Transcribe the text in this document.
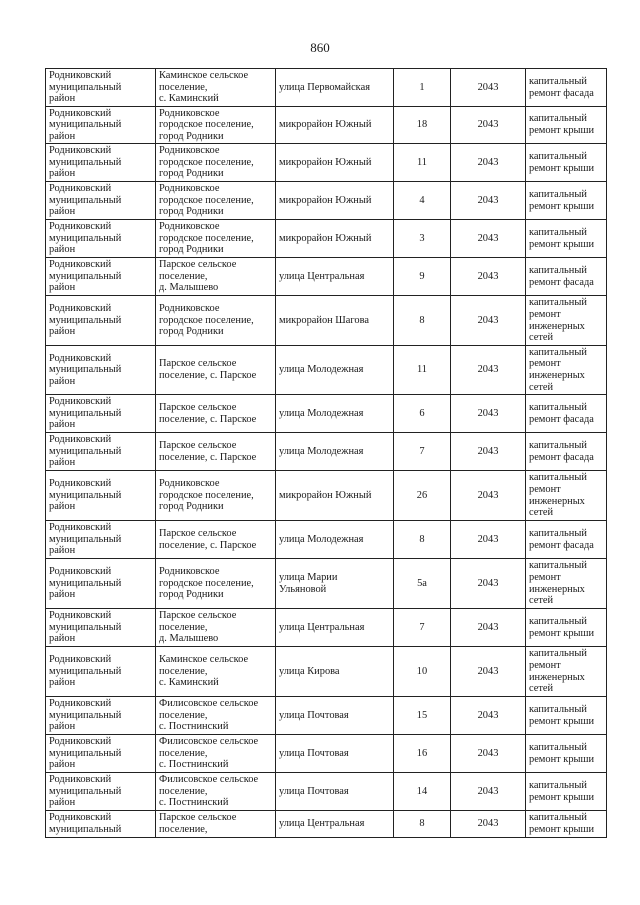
860
Родниковский
муниципальный
район	Каминское сельское
поселение,
с. Каминский	улица Первомайская	1	2043	капитальный
ремонт фасада
Родниковский
муниципальный
район	Родниковское
городское поселение,
город Родники	микрорайон Южный	18	2043	капитальный
ремонт крыши
Родниковский
муниципальный
район	Родниковское
городское поселение,
город Родники	микрорайон Южный	11	2043	капитальный
ремонт крыши
Родниковский
муниципальный
район	Родниковское
городское поселение,
город Родники	микрорайон Южный	4	2043	капитальный
ремонт крыши
Родниковский
муниципальный
район	Родниковское
городское поселение,
город Родники	микрорайон Южный	3	2043	капитальный
ремонт крыши
Родниковский
муниципальный
район	Парское сельское
поселение,
д. Малышево	улица Центральная	9	2043	капитальный
ремонт фасада
Родниковский
муниципальный
район	Родниковское
городское поселение,
город Родники	микрорайон Шагова	8	2043	капитальный
ремонт
инженерных
сетей
Родниковский
муниципальный
район	Парское сельское
поселение, с. Парское	улица Молодежная	11	2043	капитальный
ремонт
инженерных
сетей
Родниковский
муниципальный
район	Парское сельское
поселение, с. Парское	улица Молодежная	6	2043	капитальный
ремонт фасада
Родниковский
муниципальный
район	Парское сельское
поселение, с. Парское	улица Молодежная	7	2043	капитальный
ремонт фасада
Родниковский
муниципальный
район	Родниковское
городское поселение,
город Родники	микрорайон Южный	26	2043	капитальный
ремонт
инженерных
сетей
Родниковский
муниципальный
район	Парское сельское
поселение, с. Парское	улица Молодежная	8	2043	капитальный
ремонт фасада
Родниковский
муниципальный
район	Родниковское
городское поселение,
город Родники	улица Марии
Ульяновой	5а	2043	капитальный
ремонт
инженерных
сетей
Родниковский
муниципальный
район	Парское сельское
поселение,
д. Малышево	улица Центральная	7	2043	капитальный
ремонт крыши
Родниковский
муниципальный
район	Каминское сельское
поселение,
с. Каминский	улица Кирова	10	2043	капитальный
ремонт
инженерных
сетей
Родниковский
муниципальный
район	Филисовское сельское
поселение,
с. Постнинский	улица Почтовая	15	2043	капитальный
ремонт крыши
Родниковский
муниципальный
район	Филисовское сельское
поселение,
с. Постнинский	улица Почтовая	16	2043	капитальный
ремонт крыши
Родниковский
муниципальный
район	Филисовское сельское
поселение,
с. Постнинский	улица Почтовая	14	2043	капитальный
ремонт крыши
Родниковский
муниципальный	Парское сельское
поселение,	улица Центральная	8	2043	капитальный
ремонт крыши
